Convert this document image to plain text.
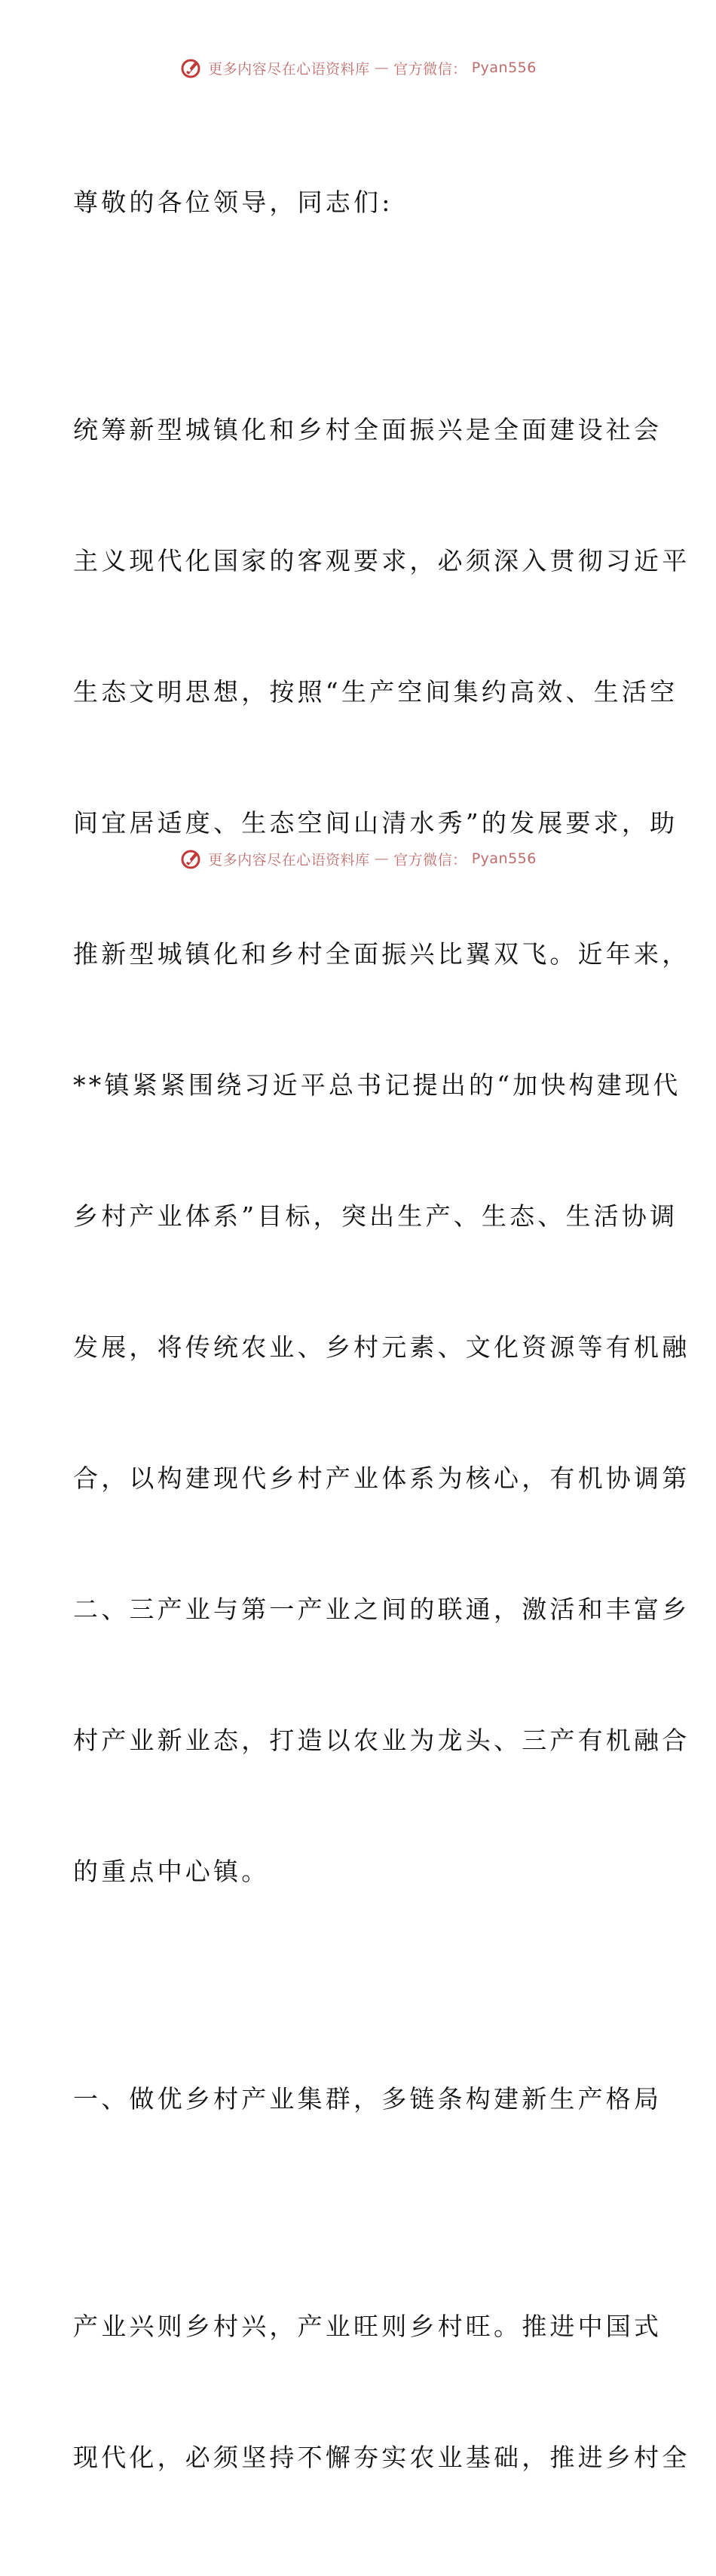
更多内容尽在心语资料库 — 官方微信： Pyan556

尊敬的各位领导，同志们:

统筹新型城镇化和乡村全面振兴是全面建设社会

主义现代化国家的客观要求，必须深入贯彻习近平

生态文明思想，按照“生产空间集约高效、生活空

间宜居适度、生态空间山清水秀”的发展要求，助

推新型城镇化和乡村全面振兴比翼双飞。近年来，

**镇紧紧围绕习近平总书记提出的“加快构建现代

乡村产业体系”目标，突出生产、生态、生活协调

发展，将传统农业、乡村元素、文化资源等有机融

合，以构建现代乡村产业体系为核心，有机协调第

二、三产业与第一产业之间的联通，激活和丰富乡

村产业新业态，打造以农业为龙头、三产有机融合

的重点中心镇。

一、做优乡村产业集群，多链条构建新生产格局

产业兴则乡村兴，产业旺则乡村旺。推进中国式

现代化，必须坚持不懈夯实农业基础，推进乡村全

更多内容尽在心语资料库 — 官方微信： Pyan556
